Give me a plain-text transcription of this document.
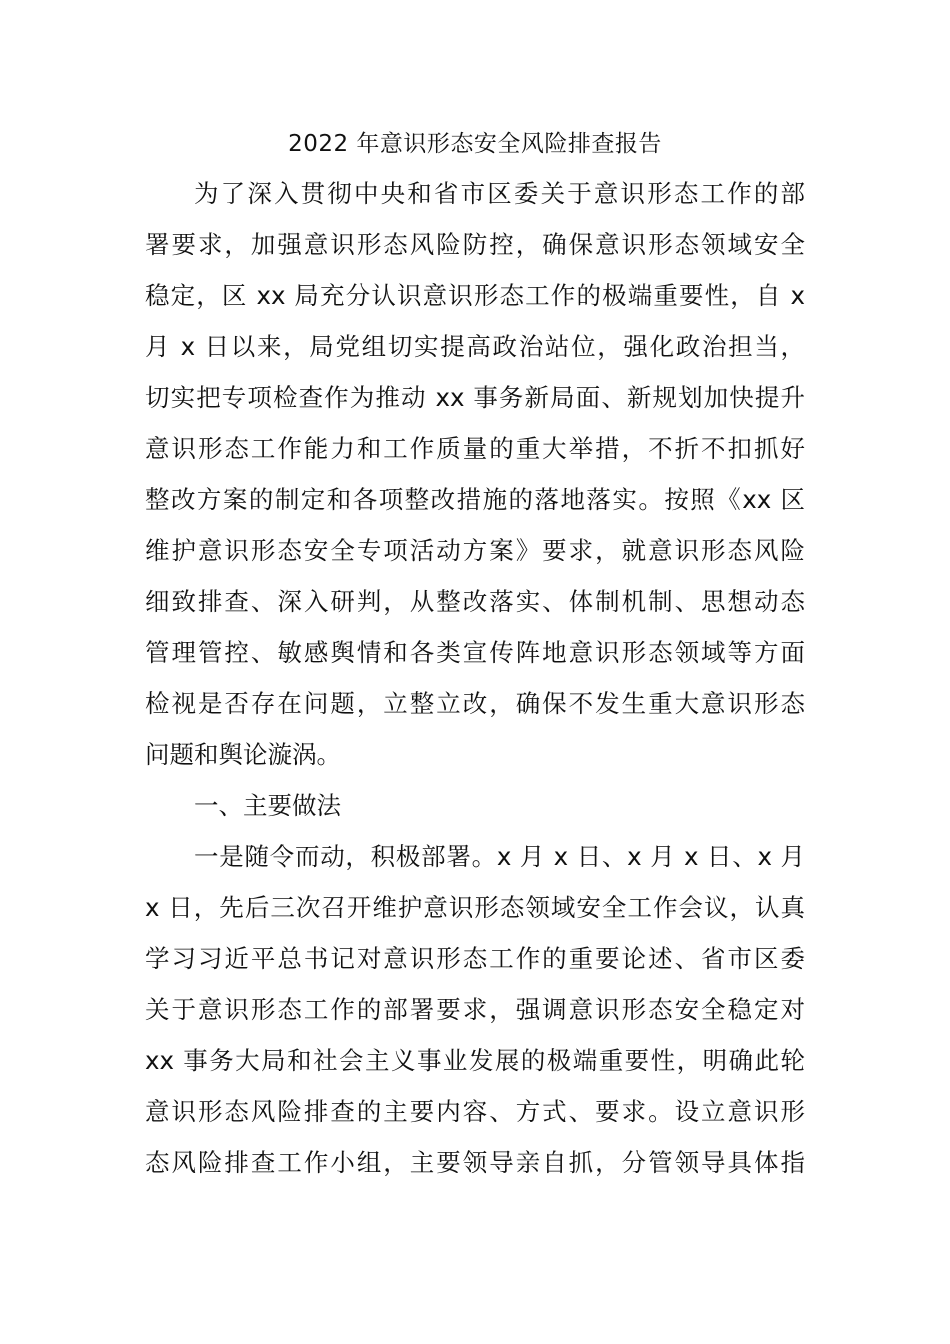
2022 年意识形态安全风险排查报告
为了深入贯彻中央和省市区委关于意识形态工作的部
署要求，加强意识形态风险防控，确保意识形态领域安全
稳定，区 xx 局充分认识意识形态工作的极端重要性，自 x
月 x 日以来，局党组切实提高政治站位，强化政治担当，
切实把专项检查作为推动 xx 事务新局面、新规划加快提升
意识形态工作能力和工作质量的重大举措，不折不扣抓好
整改方案的制定和各项整改措施的落地落实。按照《xx 区
维护意识形态安全专项活动方案》要求，就意识形态风险
细致排查、深入研判，从整改落实、体制机制、思想动态
管理管控、敏感舆情和各类宣传阵地意识形态领域等方面
检视是否存在问题，立整立改，确保不发生重大意识形态
问题和舆论漩涡。
一、主要做法
一是随令而动，积极部署。x 月 x 日、x 月 x 日、x 月
x 日，先后三次召开维护意识形态领域安全工作会议，认真
学习习近平总书记对意识形态工作的重要论述、省市区委
关于意识形态工作的部署要求，强调意识形态安全稳定对
xx 事务大局和社会主义事业发展的极端重要性，明确此轮
意识形态风险排查的主要内容、方式、要求。设立意识形
态风险排查工作小组，主要领导亲自抓，分管领导具体指
